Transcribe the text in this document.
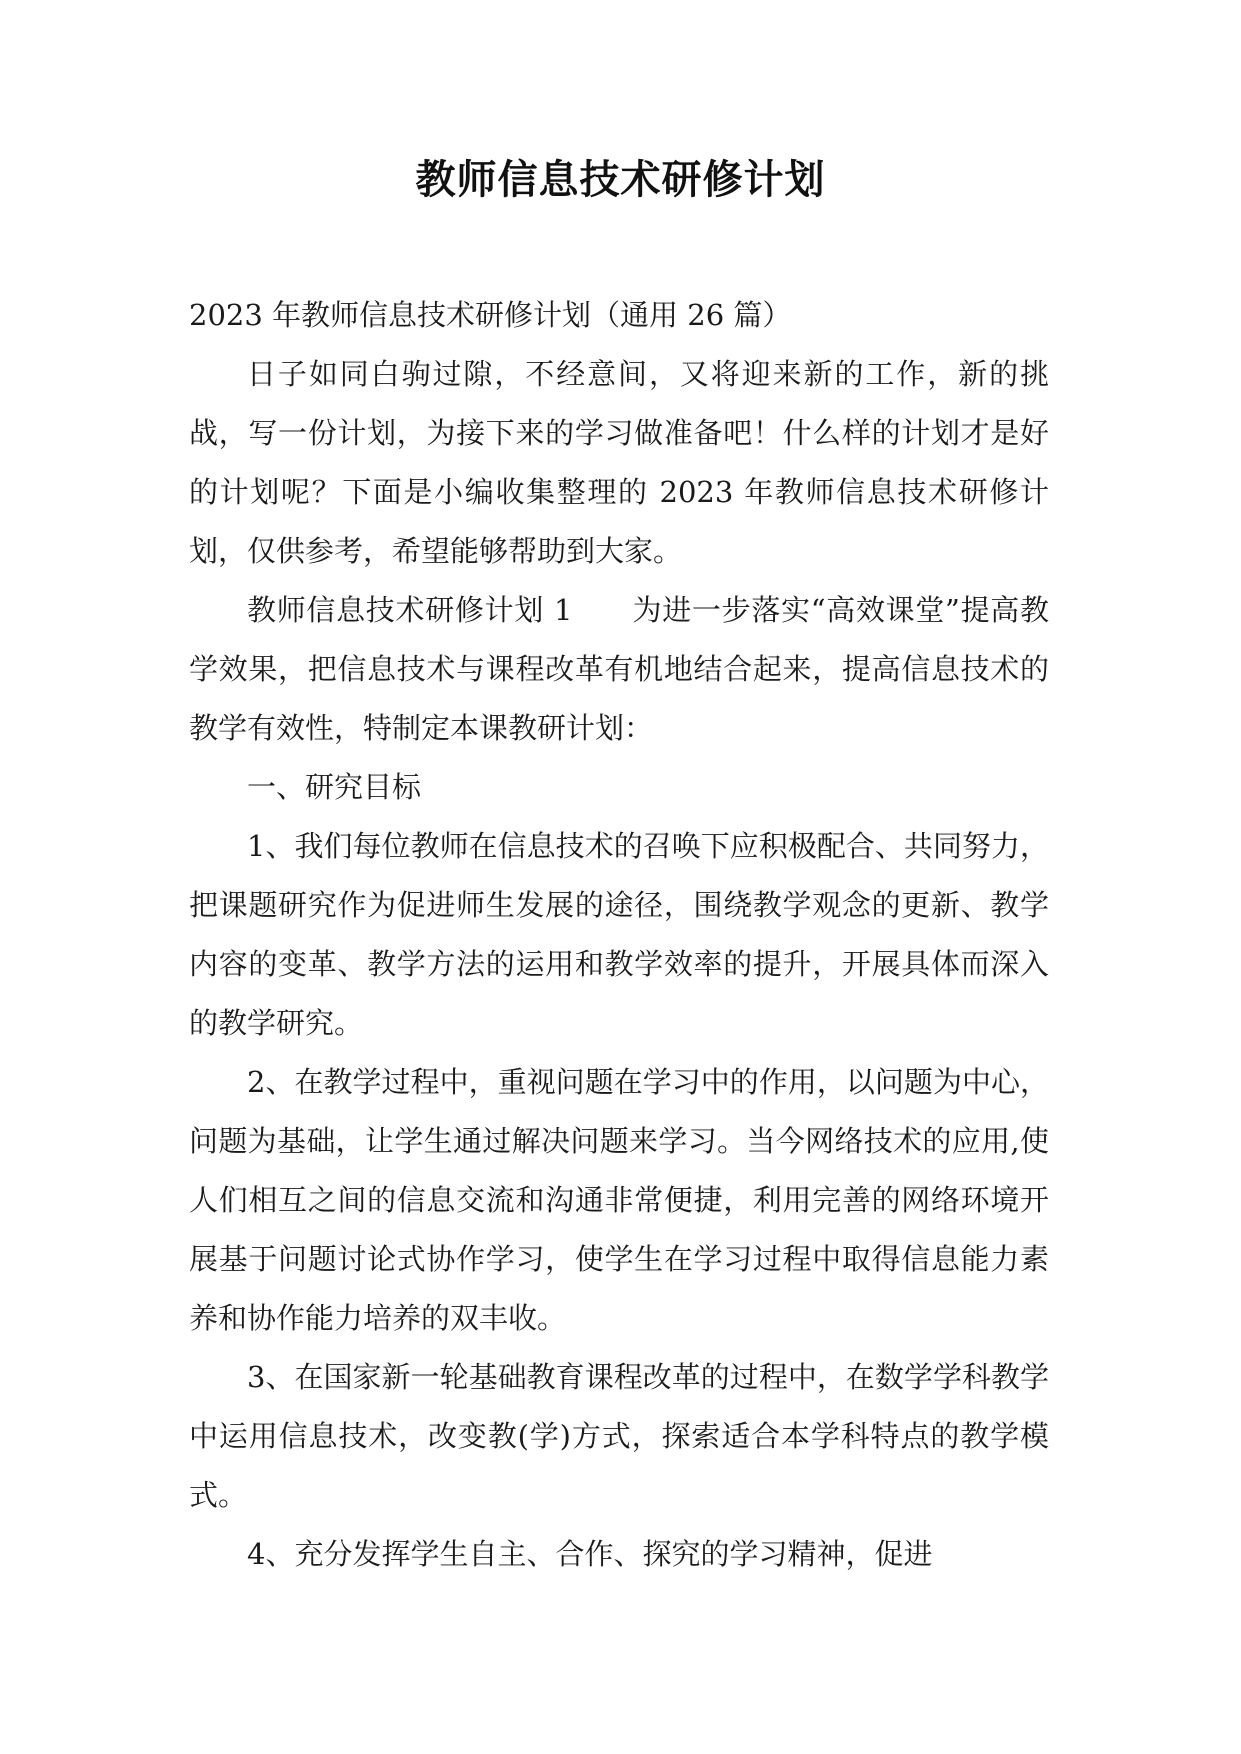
教师信息技术研修计划

2023 年教师信息技术研修计划（通用 26 篇）

日子如同白驹过隙，不经意间，又将迎来新的工作，新的挑战，写一份计划，为接下来的学习做准备吧！什么样的计划才是好的计划呢？下面是小编收集整理的 2023 年教师信息技术研修计划，仅供参考，希望能够帮助到大家。

教师信息技术研修计划 1　　为进一步落实“高效课堂”提高教学效果，把信息技术与课程改革有机地结合起来，提高信息技术的教学有效性，特制定本课教研计划：

一、研究目标

1、我们每位教师在信息技术的召唤下应积极配合、共同努力，把课题研究作为促进师生发展的途径，围绕教学观念的更新、教学内容的变革、教学方法的运用和教学效率的提升，开展具体而深入的教学研究。

2、在教学过程中，重视问题在学习中的作用，以问题为中心，问题为基础，让学生通过解决问题来学习。当今网络技术的应用,使人们相互之间的信息交流和沟通非常便捷，利用完善的网络环境开展基于问题讨论式协作学习，使学生在学习过程中取得信息能力素养和协作能力培养的双丰收。

3、在国家新一轮基础教育课程改革的过程中，在数学学科教学中运用信息技术，改变教(学)方式，探索适合本学科特点的教学模式。

4、充分发挥学生自主、合作、探究的学习精神，促进
